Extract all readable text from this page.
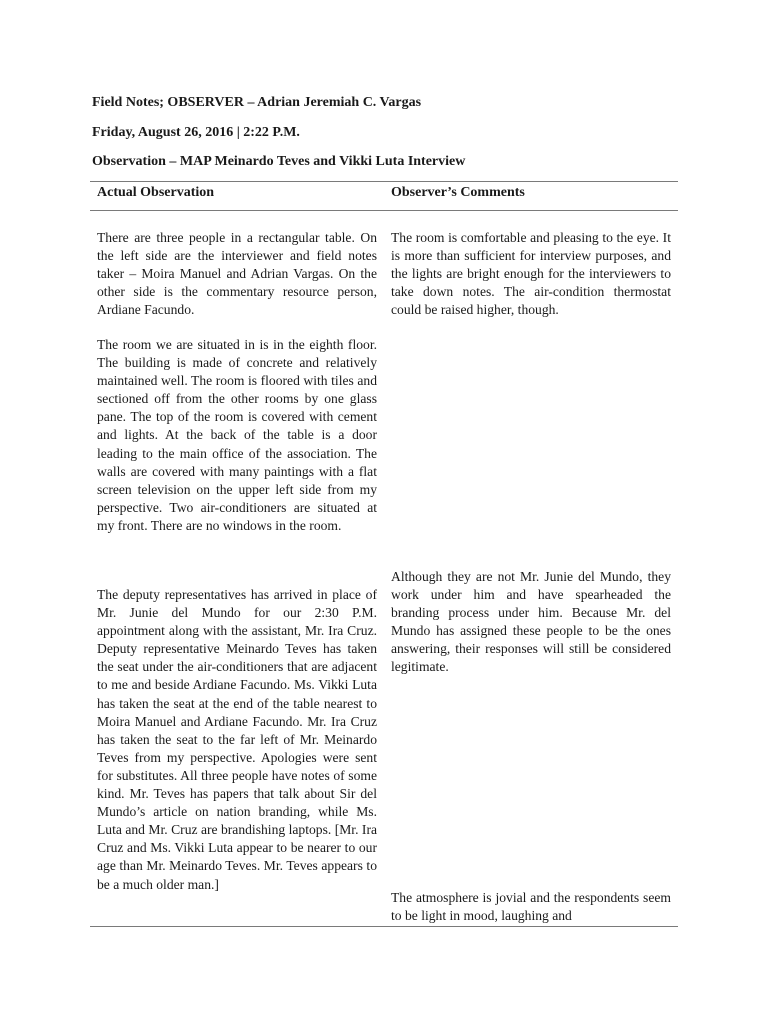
Field Notes; OBSERVER – Adrian Jeremiah C. Vargas
Friday, August 26, 2016 | 2:22 P.M.
Observation – MAP Meinardo Teves and Vikki Luta Interview
Actual Observation	Observer’s Comments

There are three people in a rectangular table. On the left side are the interviewer and field notes taker – Moira Manuel and Adrian Vargas. On the other side is the commentary resource person, Ardiane Facundo.

The room we are situated in is in the eighth floor. The building is made of concrete and relatively maintained well. The room is floored with tiles and sectioned off from the other rooms by one glass pane. The top of the room is covered with cement and lights. At the back of the table is a door leading to the main office of the association. The walls are covered with many paintings with a flat screen television on the upper left side from my perspective. Two air-conditioners are situated at my front. There are no windows in the room.

The deputy representatives has arrived in place of Mr. Junie del Mundo for our 2:30 P.M. appointment along with the assistant, Mr. Ira Cruz. Deputy representative Meinardo Teves has taken the seat under the air-conditioners that are adjacent to me and beside Ardiane Facundo. Ms. Vikki Luta has taken the seat at the end of the table nearest to Moira Manuel and Ardiane Facundo. Mr. Ira Cruz has taken the seat to the far left of Mr. Meinardo Teves from my perspective. Apologies were sent for substitutes. All three people have notes of some kind. Mr. Teves has papers that talk about Sir del Mundo’s article on nation branding, while Ms. Luta and Mr. Cruz are brandishing laptops. [Mr. Ira Cruz and Ms. Vikki Luta appear to be nearer to our age than Mr. Meinardo Teves. Mr. Teves appears to be a much older man.]

The room is comfortable and pleasing to the eye. It is more than sufficient for interview purposes, and the lights are bright enough for the interviewers to take down notes. The air-condition thermostat could be raised higher, though.

Although they are not Mr. Junie del Mundo, they work under him and have spearheaded the branding process under him. Because Mr. del Mundo has assigned these people to be the ones answering, their responses will still be considered legitimate.

The atmosphere is jovial and the respondents seem to be light in mood, laughing and
